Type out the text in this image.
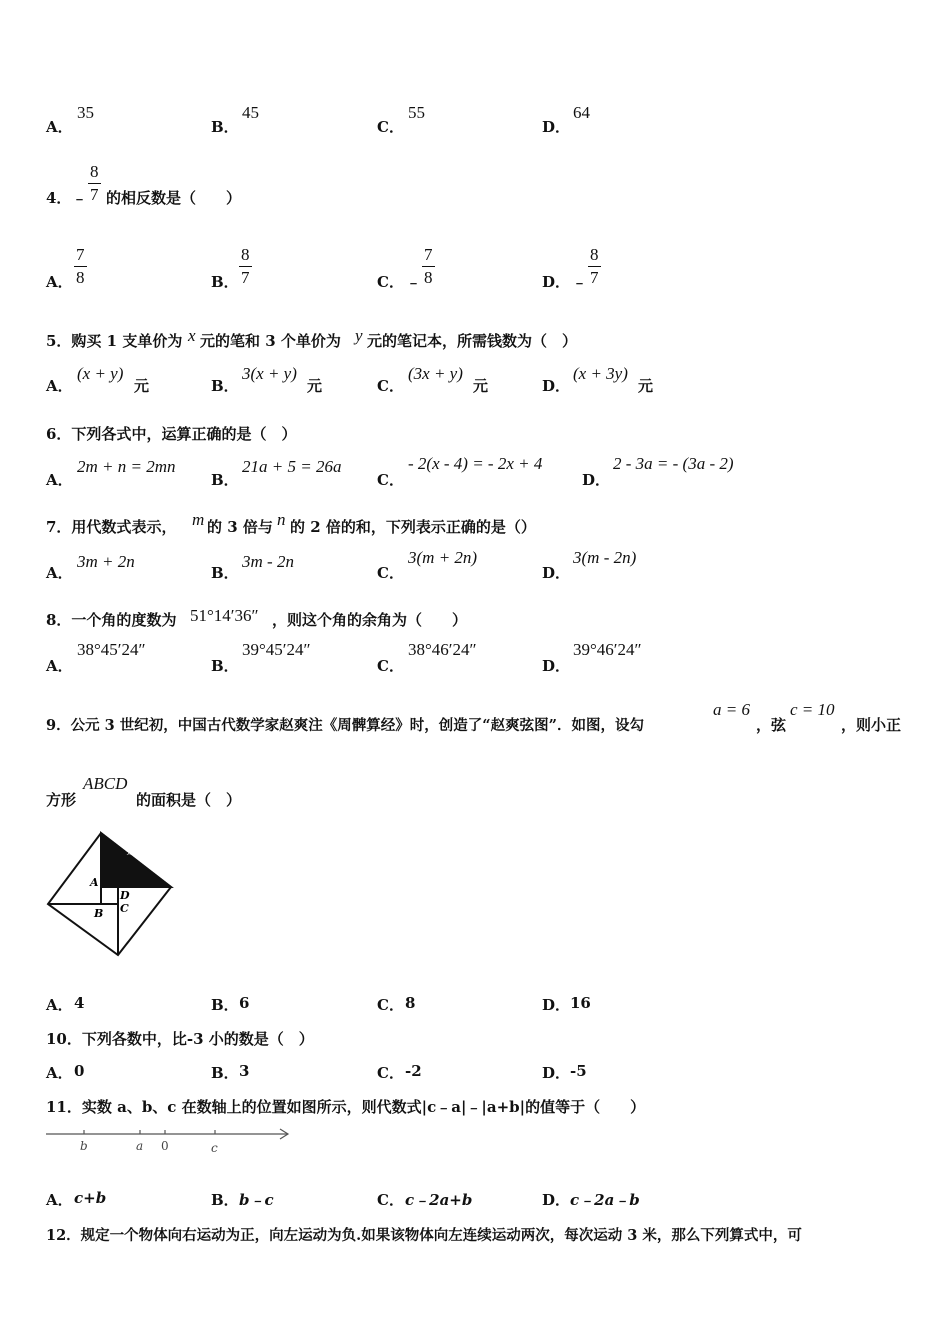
A．
35
B．
45
C．
55
D．
64
4． ﹣
8
7 的相反数是（　　）
A．
7
8	B．
8
7	C． ﹣
7
8	D． ﹣
8
7
5．购买 1 支单价为 x 元的笔和 3 个单价为 y 元的笔记本，所需钱数为（　）
A．
(x + y)
元	B．
3(x + y)
元	C．
(3x + y)
元	D．
(x + 3y)
元
6．下列各式中，运算正确的是（　）
A．
2m + n = 2mn
B．
21a + 5 = 26a
C．
- 2(x - 4) = - 2x + 4
D．
2 - 3a = - (3a - 2)
7．用代数式表示， m 的 3 倍与 n 的 2 倍的和，下列表示正确的是（）
A．
3m + 2n
B．
3m - 2n
C．
3(m + 2n)
D．
3(m - 2n)
8．一个角的度数为 51°14′36″ ，则这个角的余角为（　　）
A．
38°45′24″
B．
39°45′24″
C．
38°46′24″
D．
39°46′24″
9．公元 3 世纪初，中国古代数学家赵爽注《周髀算经》时，创造了“赵爽弦图”．如图，设勾
a = 6
，弦
c = 10
，则小正
方形
ABCD
的面积是（　）
弦(c)
A
B C
D
A． 4	B． 6	C． 8	D． 16
10．下列各数中，比-3 小的数是（　）
A． 0	B． 3	C． -2	D． -5
11．实数 a、b、c 在数轴上的位置如图所示，则代数式|c﹣a|﹣|a+b|的值等于（　　）
b	a 0	c
A． c+b	B． b﹣c	C． c﹣2a+b	D． c﹣2a﹣b
12．规定一个物体向右运动为正，向左运动为负.如果该物体向左连续运动两次，每次运动 3 米，那么下列算式中，可
